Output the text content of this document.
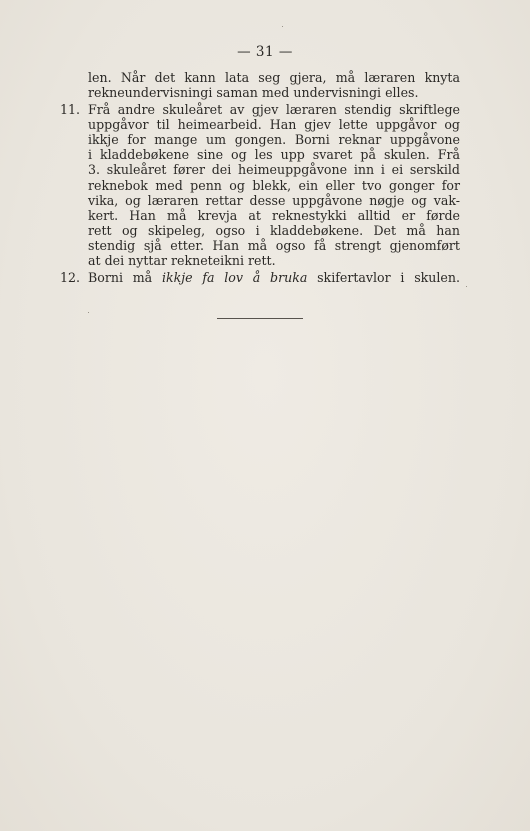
— 31 —
len. Når det kann lata seg gjera, må læraren knyta
rekneundervisningi saman med undervisningi elles.
11. Frå andre skuleåret av gjev læraren stendig skriftlege
uppgåvor til heimearbeid. Han gjev lette uppgåvor og
ikkje for mange um gongen. Borni reknar uppgåvone
i kladdebøkene sine og les upp svaret på skulen. Frå
3. skuleåret fører dei heimeuppgåvone inn i ei serskild
reknebok med penn og blekk, ein eller tvo gonger for
vika, og læraren rettar desse uppgåvone nøgje og vak-
kert. Han må krevja at reknestykki alltid er førde
rett og skipeleg, ogso i kladdebøkene. Det må han
stendig sjå etter. Han må ogso få strengt gjenomført
at dei nyttar rekneteikni rett.
12. Borni må ikkje fa lov å bruka skifertavlor i skulen.
